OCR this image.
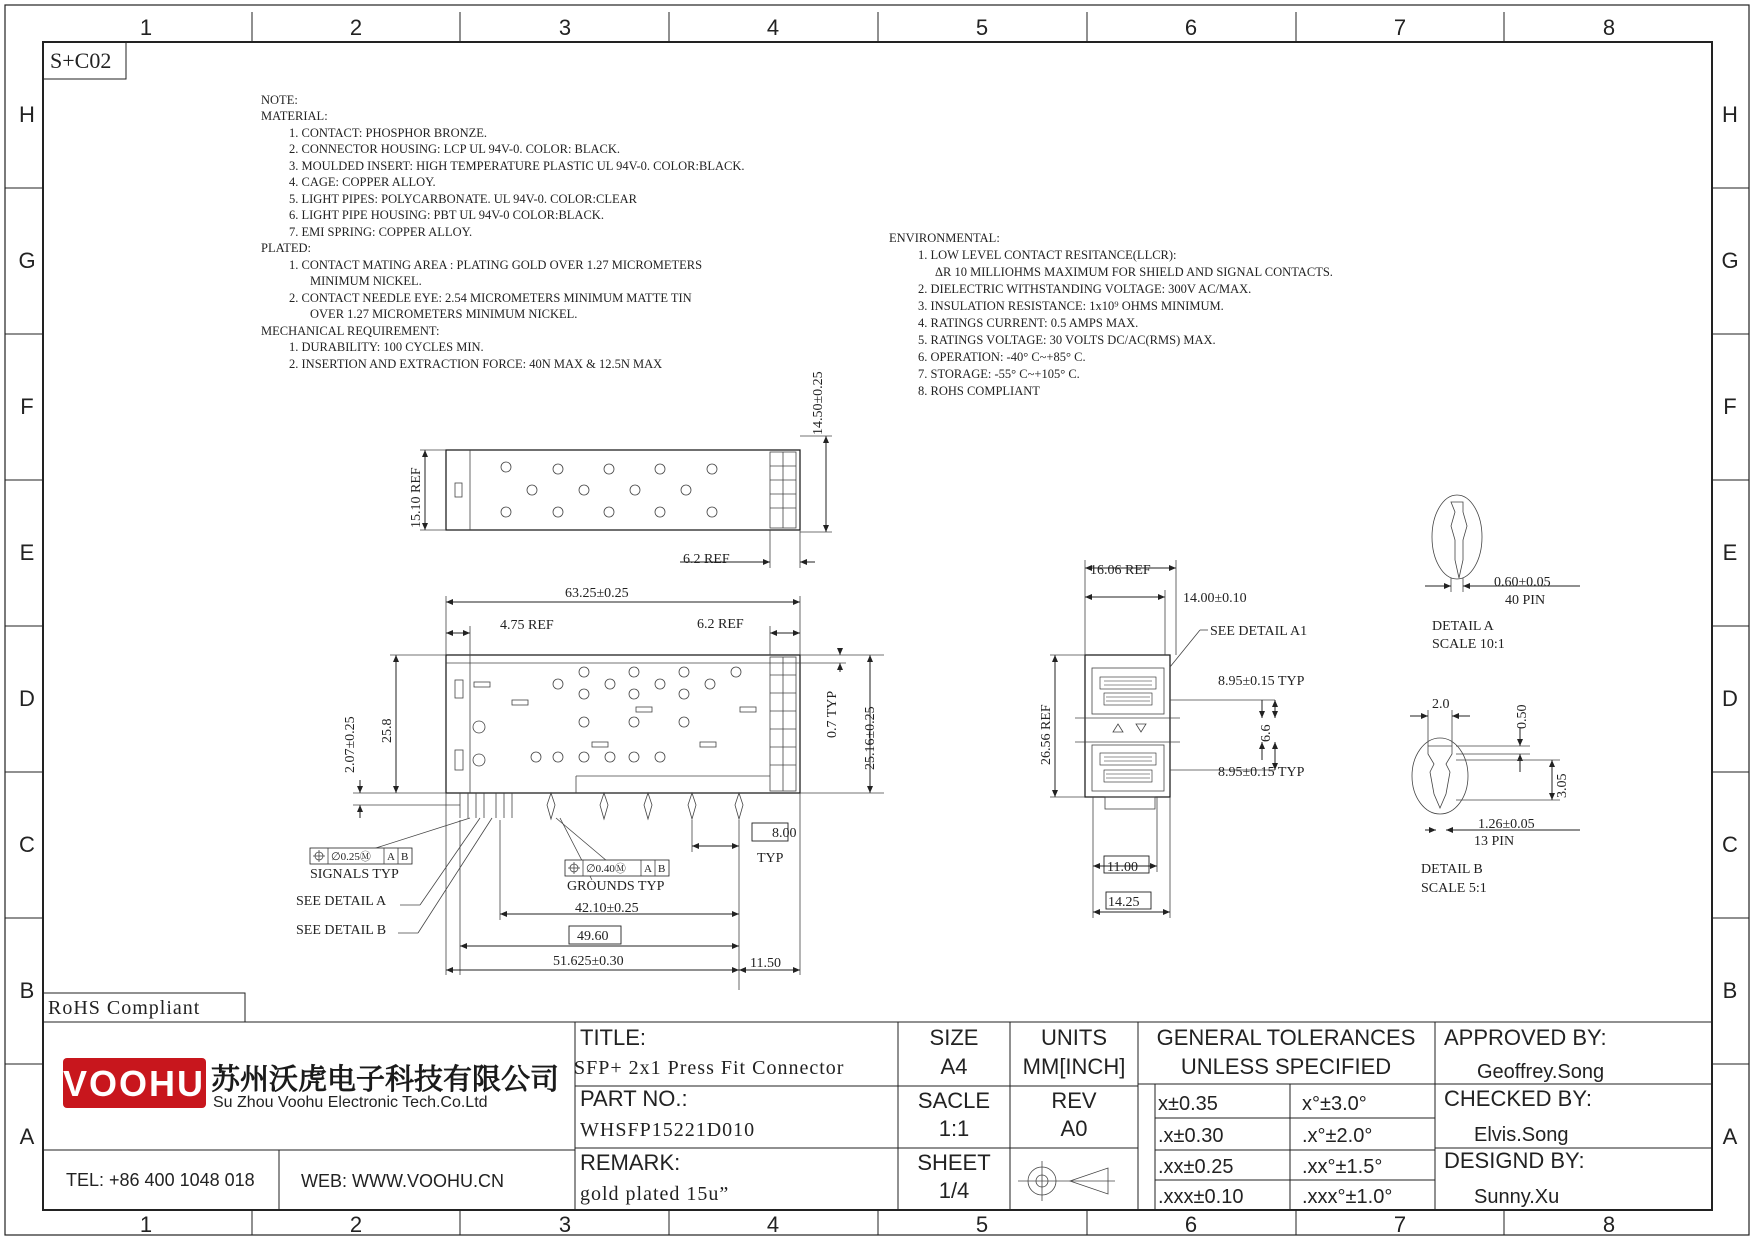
1	2	3	4	5	6	7	8
1	2	3	4	5	6	7	8
H
G
F
E
D
C
B
A
H
G
F
E
D
C
B
A
S+C02
RoHS Compliant
NOTE:
MATERIAL:
1. CONTACT: PHOSPHOR BRONZE.
2. CONNECTOR HOUSING: LCP UL 94V-0. COLOR: BLACK.
3. MOULDED INSERT: HIGH TEMPERATURE PLASTIC UL 94V-0. COLOR:BLACK.
4. CAGE: COPPER ALLOY.
5. LIGHT PIPES: POLYCARBONATE. UL 94V-0. COLOR:CLEAR
6. LIGHT PIPE HOUSING: PBT UL 94V-0 COLOR:BLACK.
7. EMI SPRING: COPPER ALLOY.
PLATED:
1. CONTACT MATING AREA : PLATING GOLD OVER 1.27 MICROMETERS
MINIMUM NICKEL.
2. CONTACT NEEDLE EYE: 2.54 MICROMETERS MINIMUM MATTE TIN
OVER 1.27 MICROMETERS MINIMUM NICKEL.
MECHANICAL REQUIREMENT:
1. DURABILITY: 100 CYCLES MIN.
2. INSERTION AND EXTRACTION FORCE: 40N MAX & 12.5N MAX
ENVIRONMENTAL:
1. LOW LEVEL CONTACT RESITANCE(LLCR):
ΔR 10 MILLIOHMS MAXIMUM FOR SHIELD AND SIGNAL CONTACTS.
2. DIELECTRIC WITHSTANDING VOLTAGE: 300V AC/MAX.
3. INSULATION RESISTANCE: 1x10⁹ OHMS MINIMUM.
4. RATINGS CURRENT: 0.5 AMPS MAX.
5. RATINGS VOLTAGE: 30 VOLTS DC/AC(RMS) MAX.
6. OPERATION: -40° C~+85° C.
7. STORAGE: -55° C~+105° C.
8. ROHS COMPLIANT
15.10 REF
14.50±0.25
6.2 REF
63.25±0.25
4.75 REF	6.2 REF
8.00
TYP
42.10±0.25
49.60
51.625±0.30	11.50
SEE DETAIL A
SEE DETAIL B
SIGNALS TYP
GROUNDS TYP
2.07±0.25 25.8	0.7 TYP 25.16±0.25
∅0.25Ⓜ A B
∅0.40Ⓜ A B
16.06 REF
14.00±0.10
SEE DETAIL A1
8.95±0.15 TYP
8.95±0.15 TYP
11.00
14.25
26.56 REF	6.6
0.60±0.05
40 PIN
DETAIL A
SCALE 10:1
2.0	0.50
3.05
1.26±0.05
13 PIN
DETAIL B
SCALE 5:1
VOOHU 苏州沃虎电子科技有限公司
Su Zhou Voohu Electronic Tech.Co.Ltd
TEL: +86 400 1048 018	WEB: WWW.VOOHU.CN
TITLE:
PART NO.:
REMARK:
SIZE	UNITS
A4	MM[INCH]
SACLE	REV
1:1	A0
SHEET
1/4
GENERAL TOLERANCES
UNLESS SPECIFIED
APPROVED BY:
CHECKED BY:
DESIGND BY:
SFP+ 2x1 Press Fit Connector
WHSFP15221D010
gold plated 15u”
Geoffrey.Song
Elvis.Song
Sunny.Xu
x±0.35	x°±3.0°
.x±0.30	.x°±2.0°
.xx±0.25	.xx°±1.5°
.xxx±0.10	.xxx°±1.0°
